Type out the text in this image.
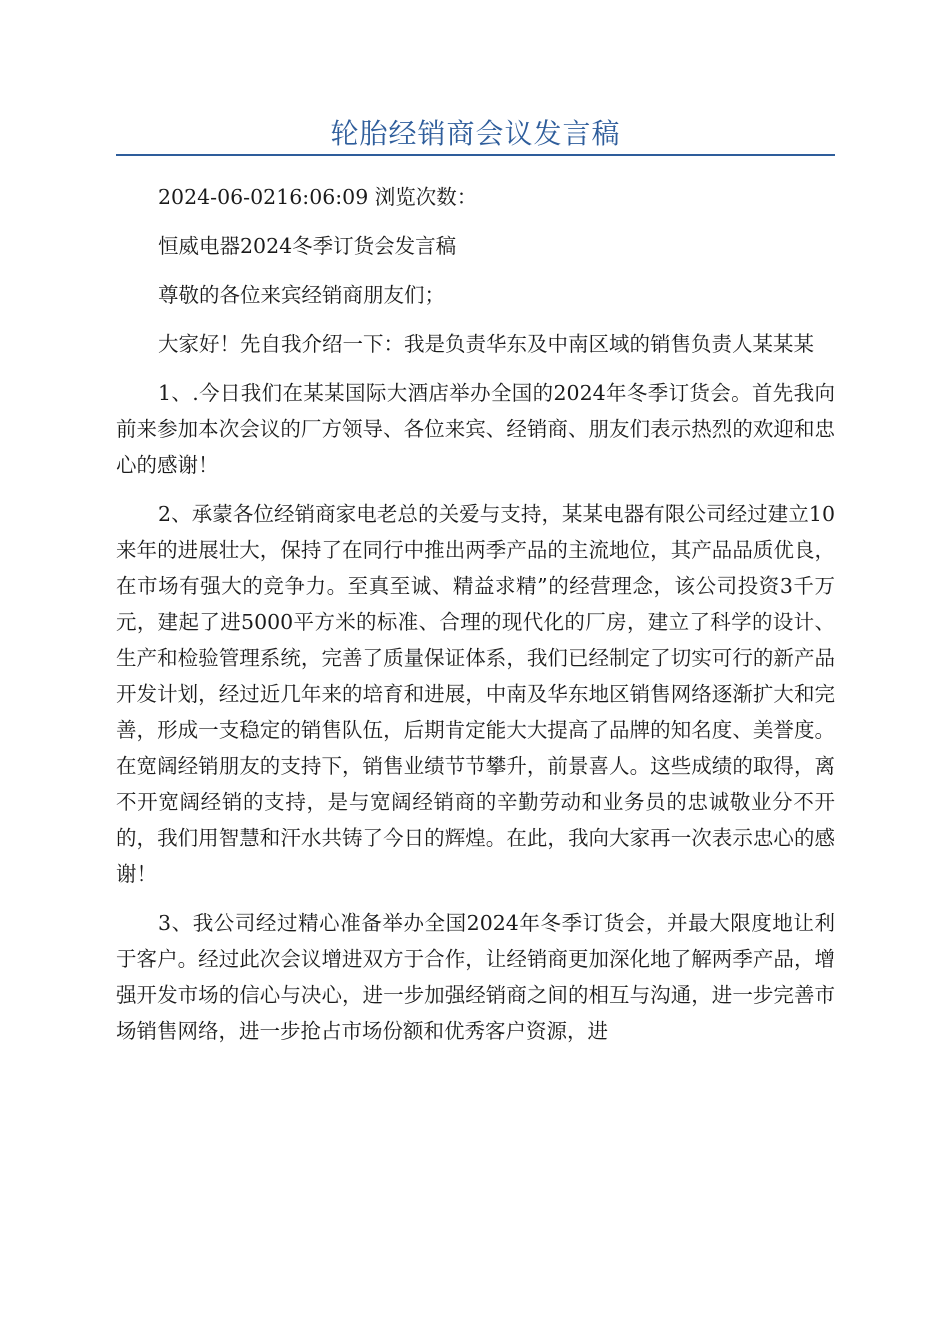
轮胎经销商会议发言稿

2024-06-0216:06:09 浏览次数：

恒威电器2024冬季订货会发言稿

尊敬的各位来宾经销商朋友们；

大家好！先自我介绍一下：我是负责华东及中南区域的销售负责人某某某

1、.今日我们在某某国际大酒店举办全国的2024年冬季订货会。首先我向前来参加本次会议的厂方领导、各位来宾、经销商、朋友们表示热烈的欢迎和忠心的感谢！

2、承蒙各位经销商家电老总的关爱与支持，某某电器有限公司经过建立10来年的进展壮大，保持了在同行中推出两季产品的主流地位，其产品品质优良，在市场有强大的竞争力。至真至诚、精益求精”的经营理念，该公司投资3千万元，建起了进5000平方米的标准、合理的现代化的厂房，建立了科学的设计、生产和检验管理系统，完善了质量保证体系，我们已经制定了切实可行的新产品开发计划，经过近几年来的培育和进展，中南及华东地区销售网络逐渐扩大和完善，形成一支稳定的销售队伍，后期肯定能大大提高了品牌的知名度、美誉度。在宽阔经销朋友的支持下，销售业绩节节攀升，前景喜人。这些成绩的取得，离不开宽阔经销的支持，是与宽阔经销商的辛勤劳动和业务员的忠诚敬业分不开的，我们用智慧和汗水共铸了今日的辉煌。在此，我向大家再一次表示忠心的感谢！

3、我公司经过精心准备举办全国2024年冬季订货会，并最大限度地让利于客户。经过此次会议增进双方于合作，让经销商更加深化地了解两季产品，增强开发市场的信心与决心，进一步加强经销商之间的相互与沟通，进一步完善市场销售网络，进一步抢占市场份额和优秀客户资源，进
